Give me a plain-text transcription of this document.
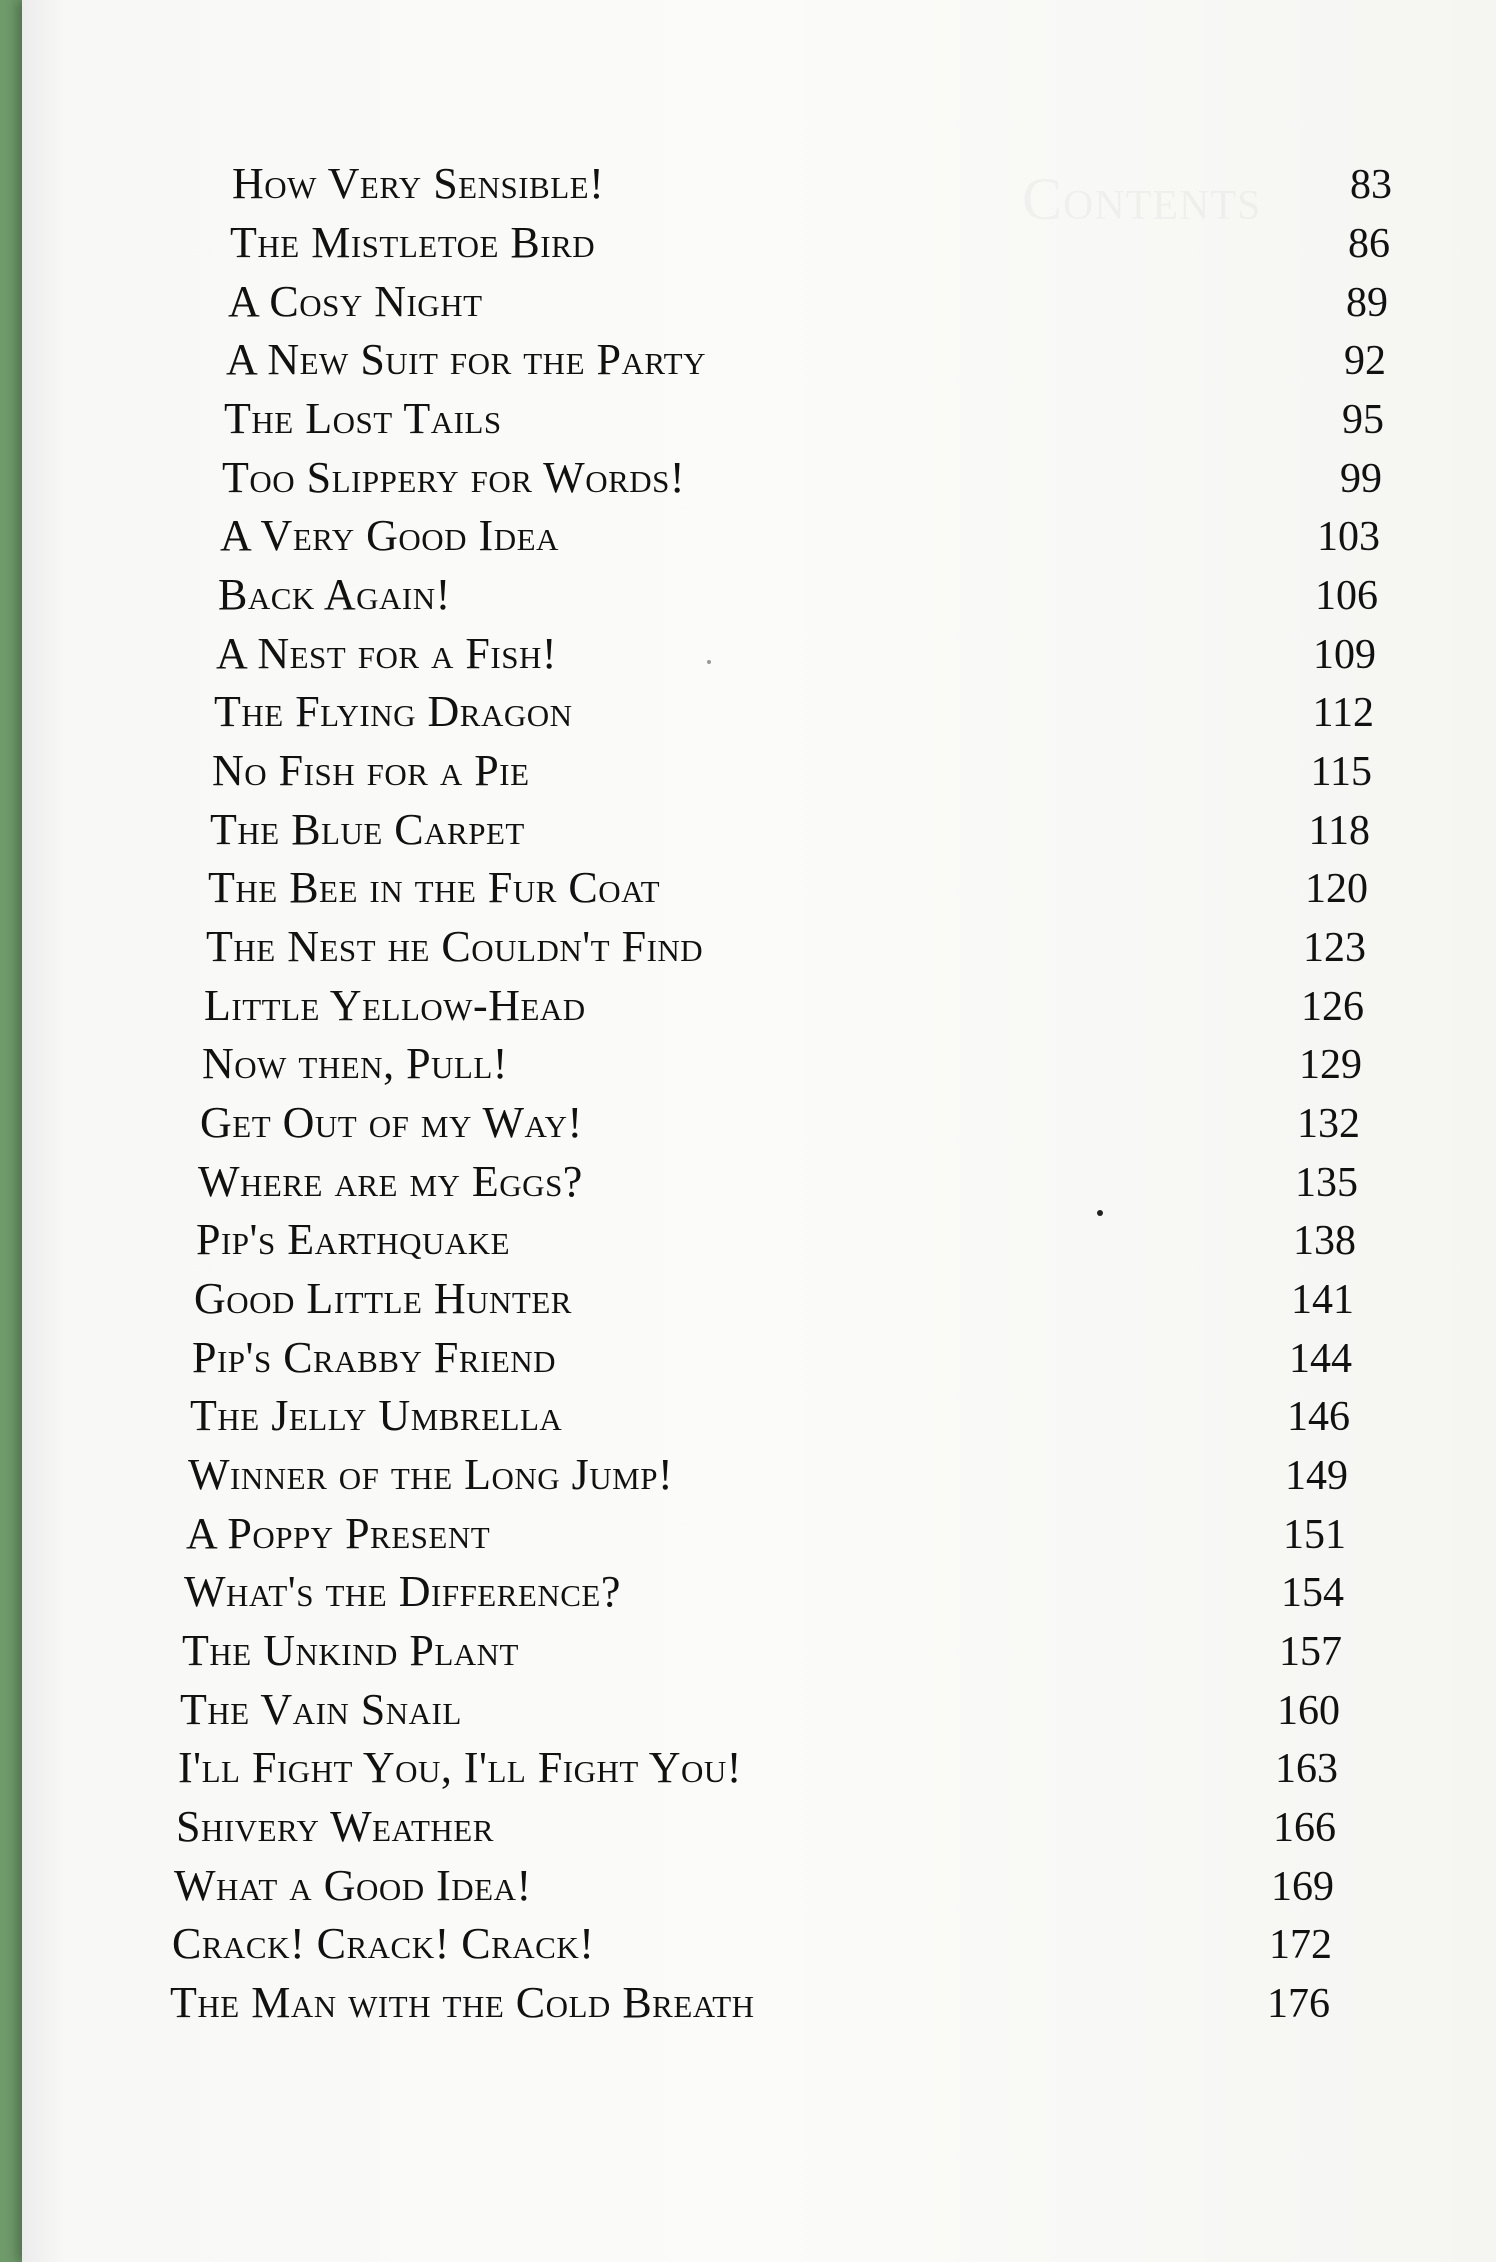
How Very Sensible!	83
The Mistletoe Bird	86
A Cosy Night	89
A New Suit for the Party	92
The Lost Tails	95
Too Slippery for Words!	99
A Very Good Idea	103
Back Again!	106
A Nest for a Fish!	109
The Flying Dragon	112
No Fish for a Pie	115
The Blue Carpet	118
The Bee in the Fur Coat	120
The Nest he Couldn't Find	123
Little Yellow-Head	126
Now then, Pull!	129
Get Out of my Way!	132
Where are my Eggs?	135
Pip's Earthquake	138
Good Little Hunter	141
Pip's Crabby Friend	144
The Jelly Umbrella	146
Winner of the Long Jump!	149
A Poppy Present	151
What's the Difference?	154
The Unkind Plant	157
The Vain Snail	160
I'll Fight You, I'll Fight You!	163
Shivery Weather	166
What a Good Idea!	169
Crack! Crack! Crack!	172
The Man with the Cold Breath	176
